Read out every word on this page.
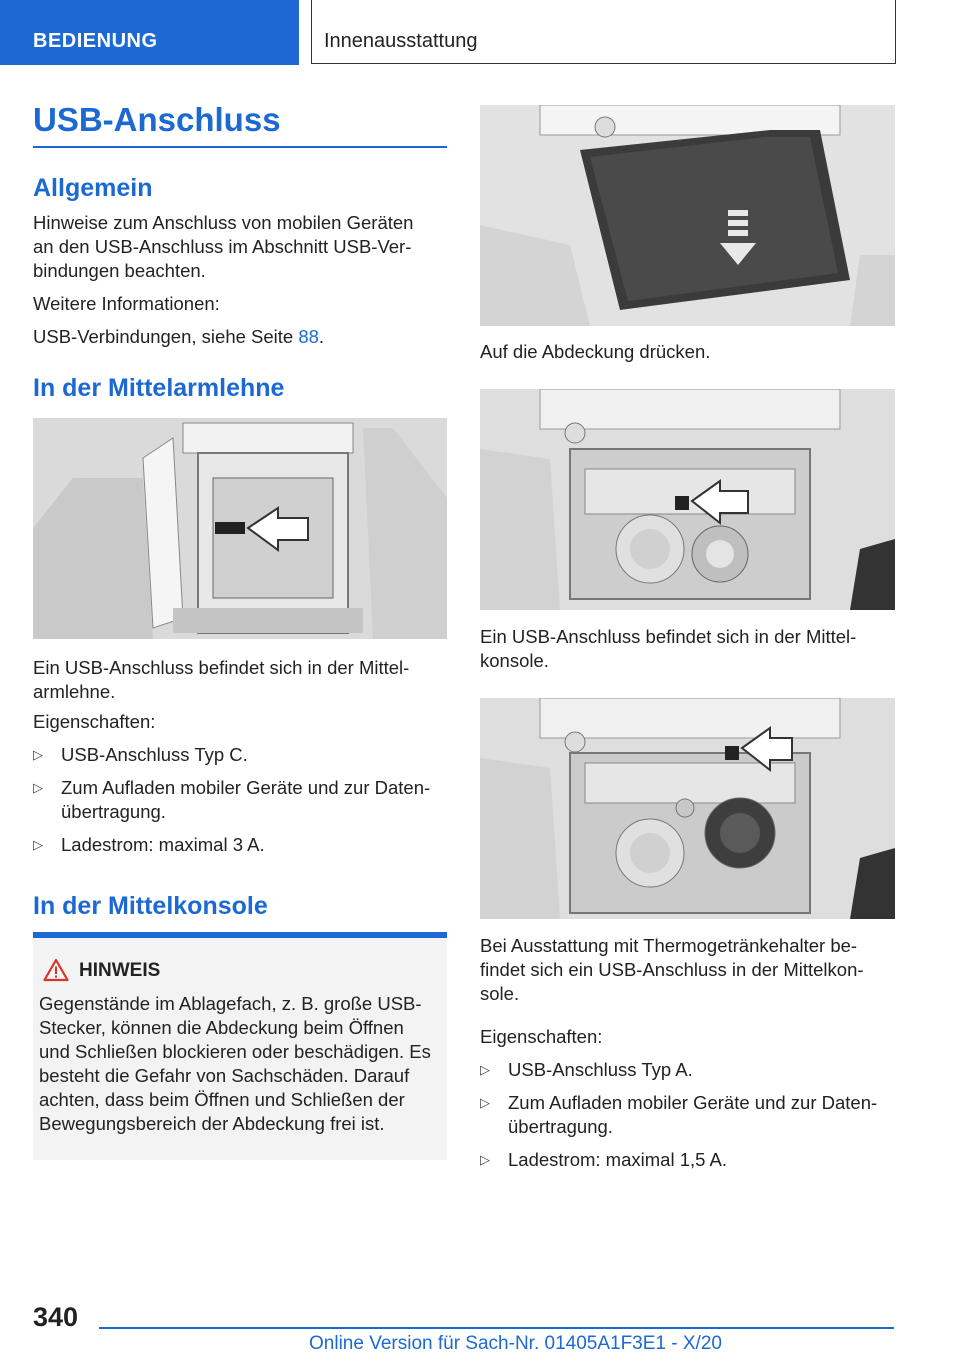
BEDIENUNG	Innenausstattung
USB-Anschluss
Allgemein
Hinweise zum Anschluss von mobilen Geräten
an den USB-Anschluss im Abschnitt USB-Ver-
bindungen beachten.
Weitere Informationen:
USB-Verbindungen, siehe Seite 88.
In der Mittelarmlehne
Ein USB-Anschluss befindet sich in der Mittel-
armlehne.
Eigenschaften:
▷ USB-Anschluss Typ C.
▷ Zum Aufladen mobiler Geräte und zur Daten-
übertragung.
▷ Ladestrom: maximal 3 A.
In der Mittelkonsole
HINWEIS
Gegenstände im Ablagefach, z. B. große USB-
Stecker, können die Abdeckung beim Öffnen
und Schließen blockieren oder beschädigen. Es
besteht die Gefahr von Sachschäden. Darauf
achten, dass beim Öffnen und Schließen der
Bewegungsbereich der Abdeckung frei ist.
Auf die Abdeckung drücken.
Ein USB-Anschluss befindet sich in der Mittel-
konsole.
Bei Ausstattung mit Thermogetränkehalter be-
findet sich ein USB-Anschluss in der Mittelkon-
sole.
Eigenschaften:
▷ USB-Anschluss Typ A.
▷ Zum Aufladen mobiler Geräte und zur Daten-
übertragung.
▷ Ladestrom: maximal 1,5 A.
340
Online Version für Sach-Nr. 01405A1F3E1 - X/20
